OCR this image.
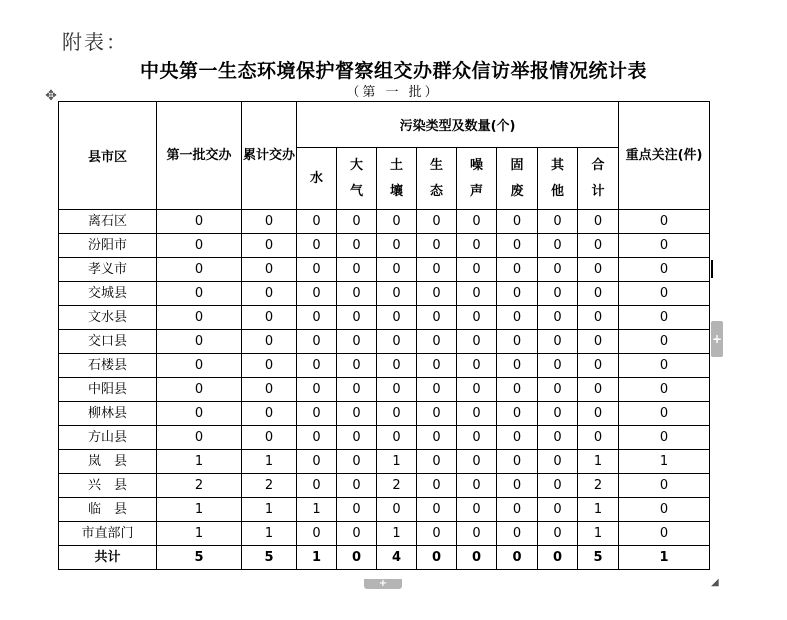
附表：
中央第一生态环境保护督察组交办群众信访举报情况统计表
（第 一 批）
✥
县市区	第一批交办	累计交办	污染类型及数量(个)								重点关注(件)
			水	大气	土壤	生态	噪声	固废	其他	合计	
离石区	0	0	0	0	0	0	0	0	0	0	0
汾阳市	0	0	0	0	0	0	0	0	0	0	0
孝义市	0	0	0	0	0	0	0	0	0	0	0
交城县	0	0	0	0	0	0	0	0	0	0	0
文水县	0	0	0	0	0	0	0	0	0	0	0
交口县	0	0	0	0	0	0	0	0	0	0	0
石楼县	0	0	0	0	0	0	0	0	0	0	0
中阳县	0	0	0	0	0	0	0	0	0	0	0
柳林县	0	0	0	0	0	0	0	0	0	0	0
方山县	0	0	0	0	0	0	0	0	0	0	0
岚　县	1	1	0	0	1	0	0	0	0	1	1
兴　县	2	2	0	0	2	0	0	0	0	2	0
临　县	1	1	1	0	0	0	0	0	0	1	0
市直部门	1	1	0	0	1	0	0	0	0	1	0
共计	5	5	1	0	4	0	0	0	0	5	1
+
+	◢
